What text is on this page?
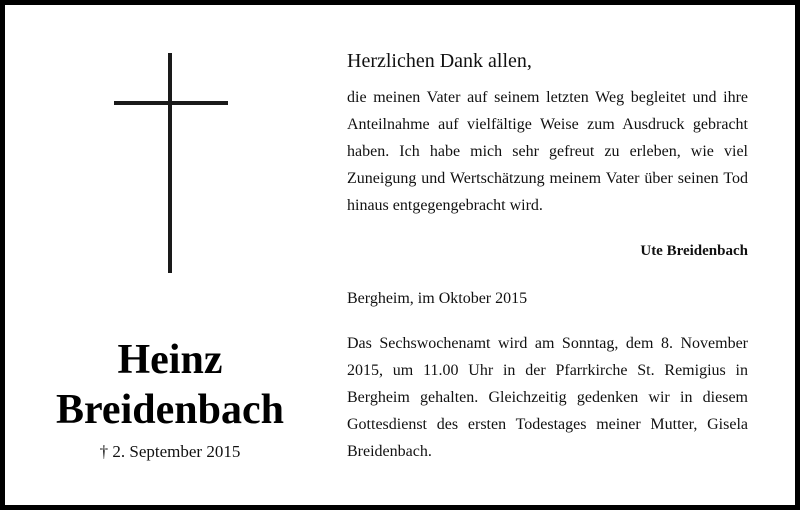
Heinz
Breidenbach
† 2. September 2015
Herzlichen Dank allen,

die meinen Vater auf seinem letzten Weg begleitet und ihre Anteilnahme auf vielfältige Weise zum Ausdruck gebracht haben. Ich habe mich sehr gefreut zu erleben, wie viel Zuneigung und Wertschätzung meinem Vater über seinen Tod hinaus entgegengebracht wird.

Ute Breidenbach
Bergheim, im Oktober 2015

Das Sechswochenamt wird am Sonntag, dem 8. November 2015, um 11.00 Uhr in der Pfarrkirche St. Remigius in Bergheim gehalten. Gleichzeitig gedenken wir in diesem Gottesdienst des ersten Todestages meiner Mutter, Gisela Breidenbach.
